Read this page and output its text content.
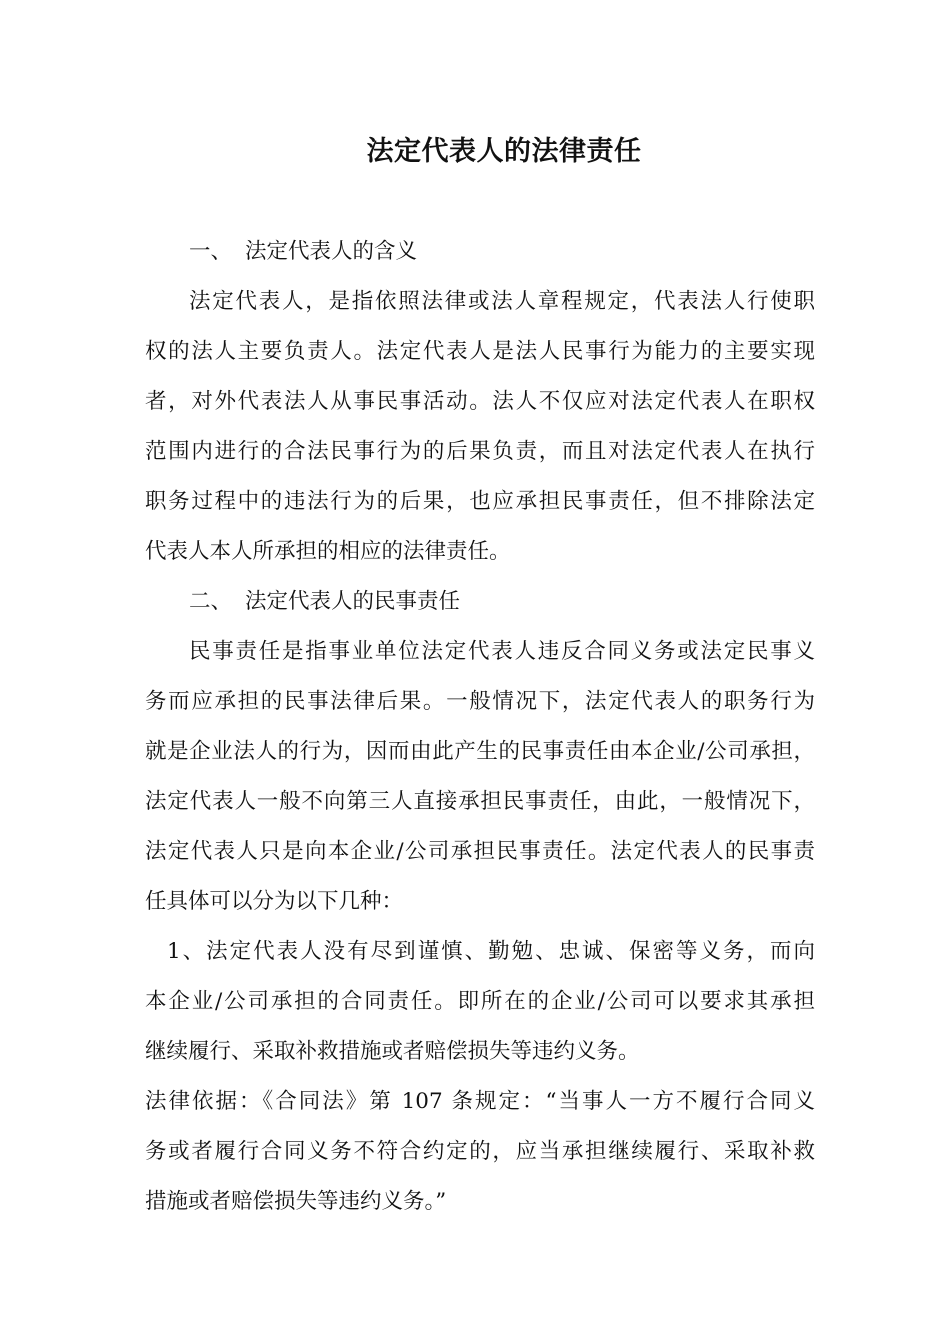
法定代表人的法律责任
一、 法定代表人的含义
法定代表人，是指依照法律或法人章程规定，代表法人行使职
权的法人主要负责人。法定代表人是法人民事行为能力的主要实现
者，对外代表法人从事民事活动。法人不仅应对法定代表人在职权
范围内进行的合法民事行为的后果负责，而且对法定代表人在执行
职务过程中的违法行为的后果，也应承担民事责任，但不排除法定
代表人本人所承担的相应的法律责任。
二、 法定代表人的民事责任
民事责任是指事业单位法定代表人违反合同义务或法定民事义
务而应承担的民事法律后果。一般情况下，法定代表人的职务行为
就是企业法人的行为，因而由此产生的民事责任由本企业/公司承担，
法定代表人一般不向第三人直接承担民事责任，由此，一般情况下，
法定代表人只是向本企业/公司承担民事责任。法定代表人的民事责
任具体可以分为以下几种：
1、法定代表人没有尽到谨慎、勤勉、忠诚、保密等义务，而向
本企业/公司承担的合同责任。即所在的企业/公司可以要求其承担
继续履行、采取补救措施或者赔偿损失等违约义务。
法律依据：《合同法》第 107 条规定：“当事人一方不履行合同义
务或者履行合同义务不符合约定的，应当承担继续履行、采取补救
措施或者赔偿损失等违约义务。”
